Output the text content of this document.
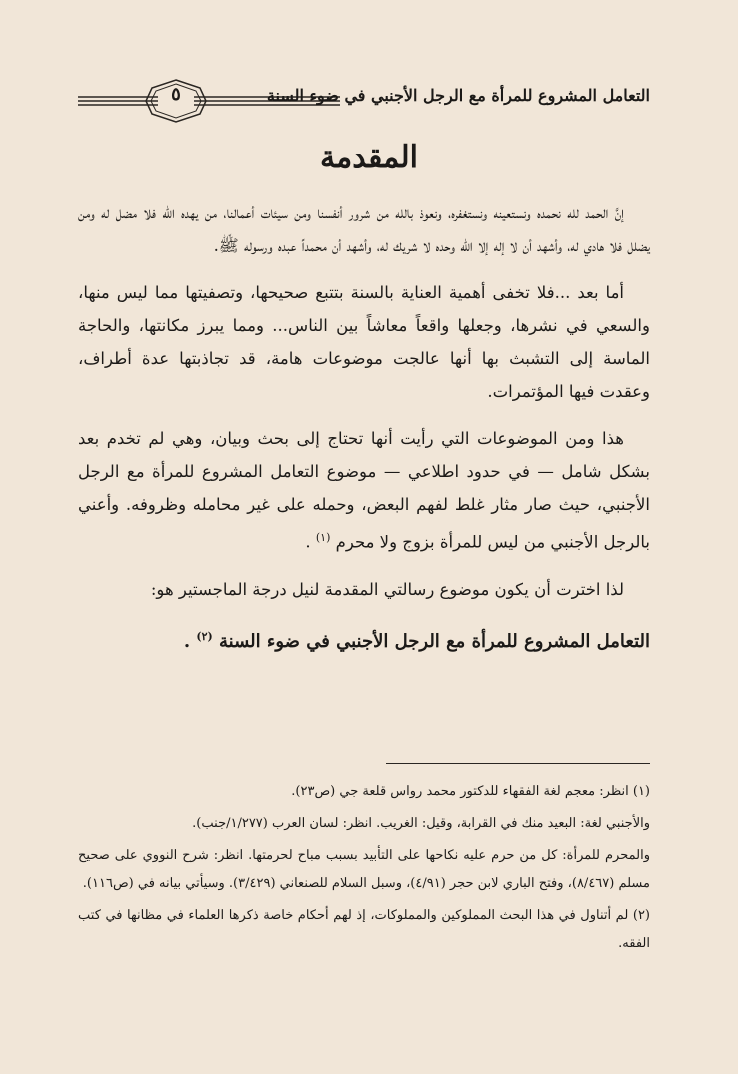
٥	التعامل المشروع للمرأة مع الرجل الأجنبي في ضوء السنة
المقدمة

إنَّ الحمد لله نحمده ونستعينه ونستغفره، ونعوذ بالله من شرور أنفسنا ومن سيئات أعمالنا، من يهده الله فلا مضل له ومن يضلل فلا هادي له، وأشهد أن لا إله إلا الله وحده لا شريك له، وأشهد أن محمداً عبده ورسوله ﷺ.

أما بعد ...فلا تخفى أهمية العناية بالسنة بتتبع صحيحها، وتصفيتها مما ليس منها، والسعي في نشرها، وجعلها واقعاً معاشاً بين الناس... ومما يبرز مكانتها، والحاجة الماسة إلى التشبث بها أنها عالجت موضوعات هامة، قد تجاذبتها عدة أطراف، وعقدت فيها المؤتمرات.

هذا ومن الموضوعات التي رأيت أنها تحتاج إلى بحث وبيان، وهي لم تخدم بعد بشكل شامل — في حدود اطلاعي — موضوع التعامل المشروع للمرأة مع الرجل الأجنبي، حيث صار مثار غلط لفهم البعض، وحمله على غير محامله وظروفه. وأعني بالرجل الأجنبي من ليس للمرأة بزوج ولا محرم $^{(١)}$ .

لذا اخترت أن يكون موضوع رسالتي المقدمة لنيل درجة الماجستير هو:

التعامل المشروع للمرأة مع الرجل الأجنبي في ضوء السنة $^{(٢)}$ .

(١) انظر: معجم لغة الفقهاء للدكتور محمد رواس قلعة جي (ص٢٣).

والأجنبي لغة: البعيد منك في القرابة، وقيل: الغريب. انظر: لسان العرب (١/٢٧٧/جنب).

والمحرم للمرأة: كل من حرم عليه نكاحها على التأبيد بسبب مباح لحرمتها. انظر: شرح النووي على صحيح مسلم (٨/٤٦٧)، وفتح الباري لابن حجر (٤/٩١)، وسبل السلام للصنعاني (٣/٤٢٩). وسيأتي بيانه في (ص١١٦).

(٢) لم أتناول في هذا البحث المملوكين والمملوكات، إذ لهم أحكام خاصة ذكرها العلماء في مظانها في كتب الفقه.
